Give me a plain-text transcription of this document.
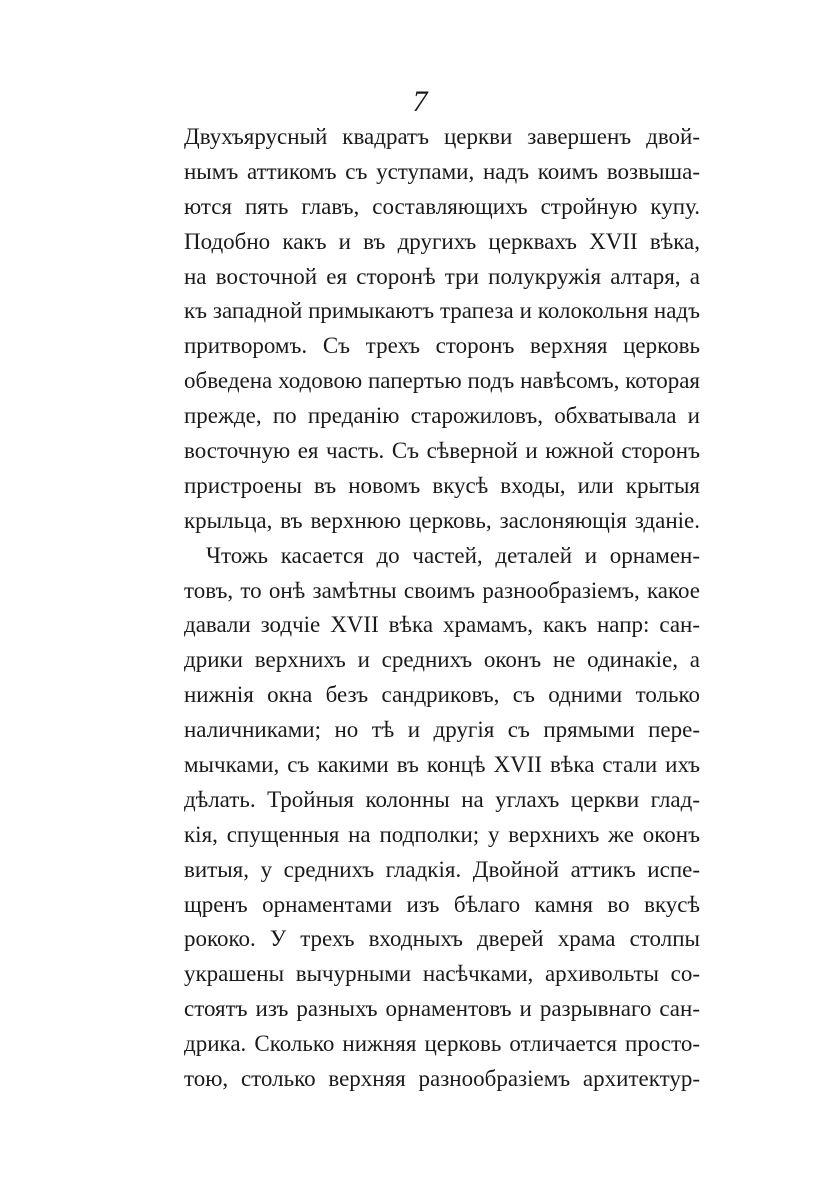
7
Двухъярусный квадратъ церкви завершенъ двой-
нымъ аттикомъ съ уступами, надъ коимъ возвыша-
ются пять главъ, составляющихъ стройную купу.
Подобно какъ и въ другихъ церквахъ XVII вѣка,
на восточной ея сторонѣ три полукружія алтаря, а
къ западной примыкаютъ трапеза и колокольня надъ
притворомъ. Съ трехъ сторонъ верхняя церковь
обведена ходовою папертью подъ навѣсомъ, которая
прежде, по преданію старожиловъ, обхватывала и
восточную ея часть. Съ сѣверной и южной сторонъ
пристроены въ новомъ вкусѣ входы, или крытыя
крыльца, въ верхнюю церковь, заслоняющія зданіе.
Чтожь касается до частей, деталей и орнамен-
товъ, то онѣ замѣтны своимъ разнообразіемъ, какое
давали зодчіе XVII вѣка храмамъ, какъ напр: сан-
дрики верхнихъ и среднихъ оконъ не одинакіе, а
нижнія окна безъ сандриковъ, съ одними только
наличниками; но тѣ и другія съ прямыми пере-
мычками, съ какими въ концѣ XVII вѣка стали ихъ
дѣлать. Тройныя колонны на углахъ церкви глад-
кія, спущенныя на подполки; у верхнихъ же оконъ
витыя, у среднихъ гладкія. Двойной аттикъ испе-
щренъ орнаментами изъ бѣлаго камня во вкусѣ
рококо. У трехъ входныхъ дверей храма столпы
украшены вычурными насѣчками, архивольты со-
стоятъ изъ разныхъ орнаментовъ и разрывнаго сан-
дрика. Сколько нижняя церковь отличается просто-
тою, столько верхняя разнообразіемъ архитектур-
